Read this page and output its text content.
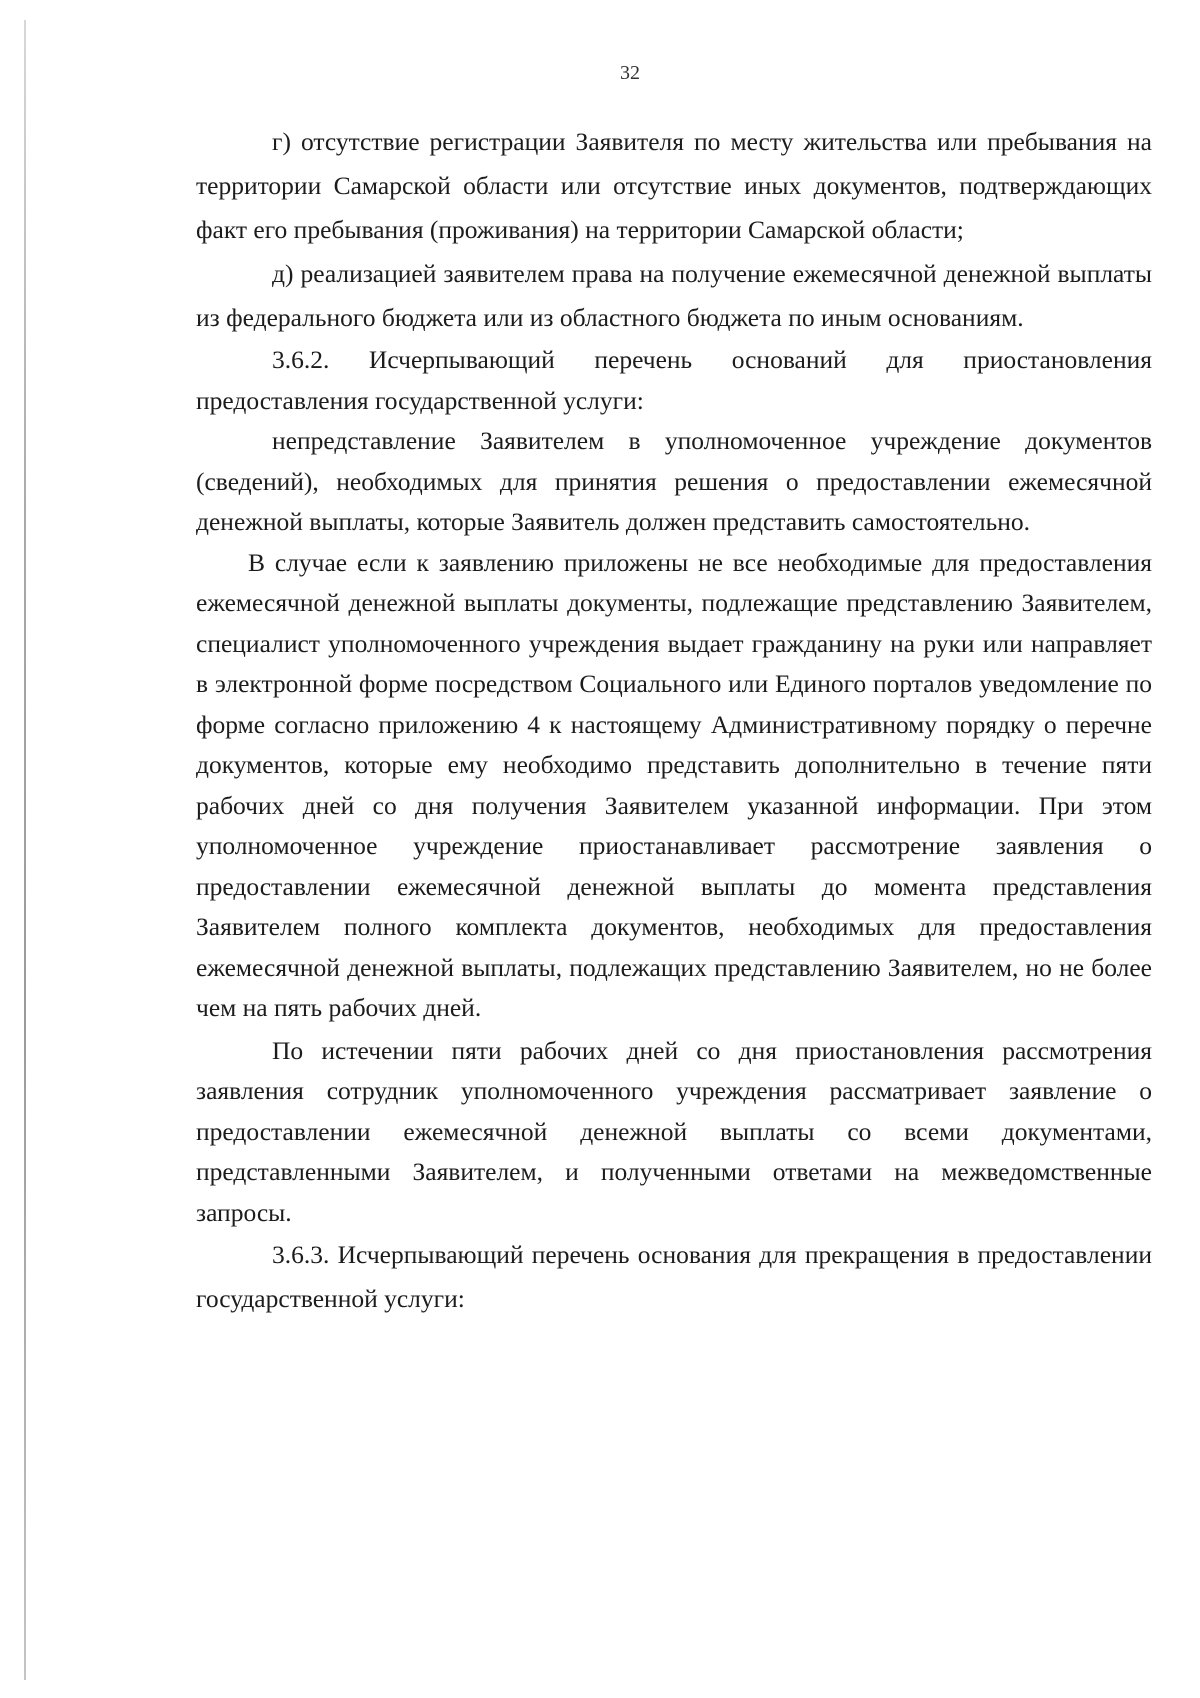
32

г) отсутствие регистрации Заявителя по месту жительства или пребывания на территории Самарской области или отсутствие иных документов, подтверждающих факт его пребывания (проживания) на территории Самарской области;

д) реализацией заявителем права на получение ежемесячной денежной выплаты из федерального бюджета или из областного бюджета по иным основаниям.

3.6.2. Исчерпывающий перечень оснований для приостановления предоставления государственной услуги:

непредставление Заявителем в уполномоченное учреждение документов (сведений), необходимых для принятия решения о предоставлении ежемесячной денежной выплаты, которые Заявитель должен представить самостоятельно.

В случае если к заявлению приложены не все необходимые для предоставления ежемесячной денежной выплаты документы, подлежащие представлению Заявителем, специалист уполномоченного учреждения выдает гражданину на руки или направляет в электронной форме посредством Социального или Единого порталов уведомление по форме согласно приложению 4 к настоящему Административному порядку о перечне документов, которые ему необходимо представить дополнительно в течение пяти рабочих дней со дня получения Заявителем указанной информации. При этом уполномоченное учреждение приостанавливает рассмотрение заявления о предоставлении ежемесячной денежной выплаты до момента представления Заявителем полного комплекта документов, необходимых для предоставления ежемесячной денежной выплаты, подлежащих представлению Заявителем, но не более чем на пять рабочих дней.

По истечении пяти рабочих дней со дня приостановления рассмотрения заявления сотрудник уполномоченного учреждения рассматривает заявление о предоставлении ежемесячной денежной выплаты со всеми документами, представленными Заявителем, и полученными ответами на межведомственные запросы.

3.6.3. Исчерпывающий перечень основания для прекращения в предоставлении государственной услуги:
